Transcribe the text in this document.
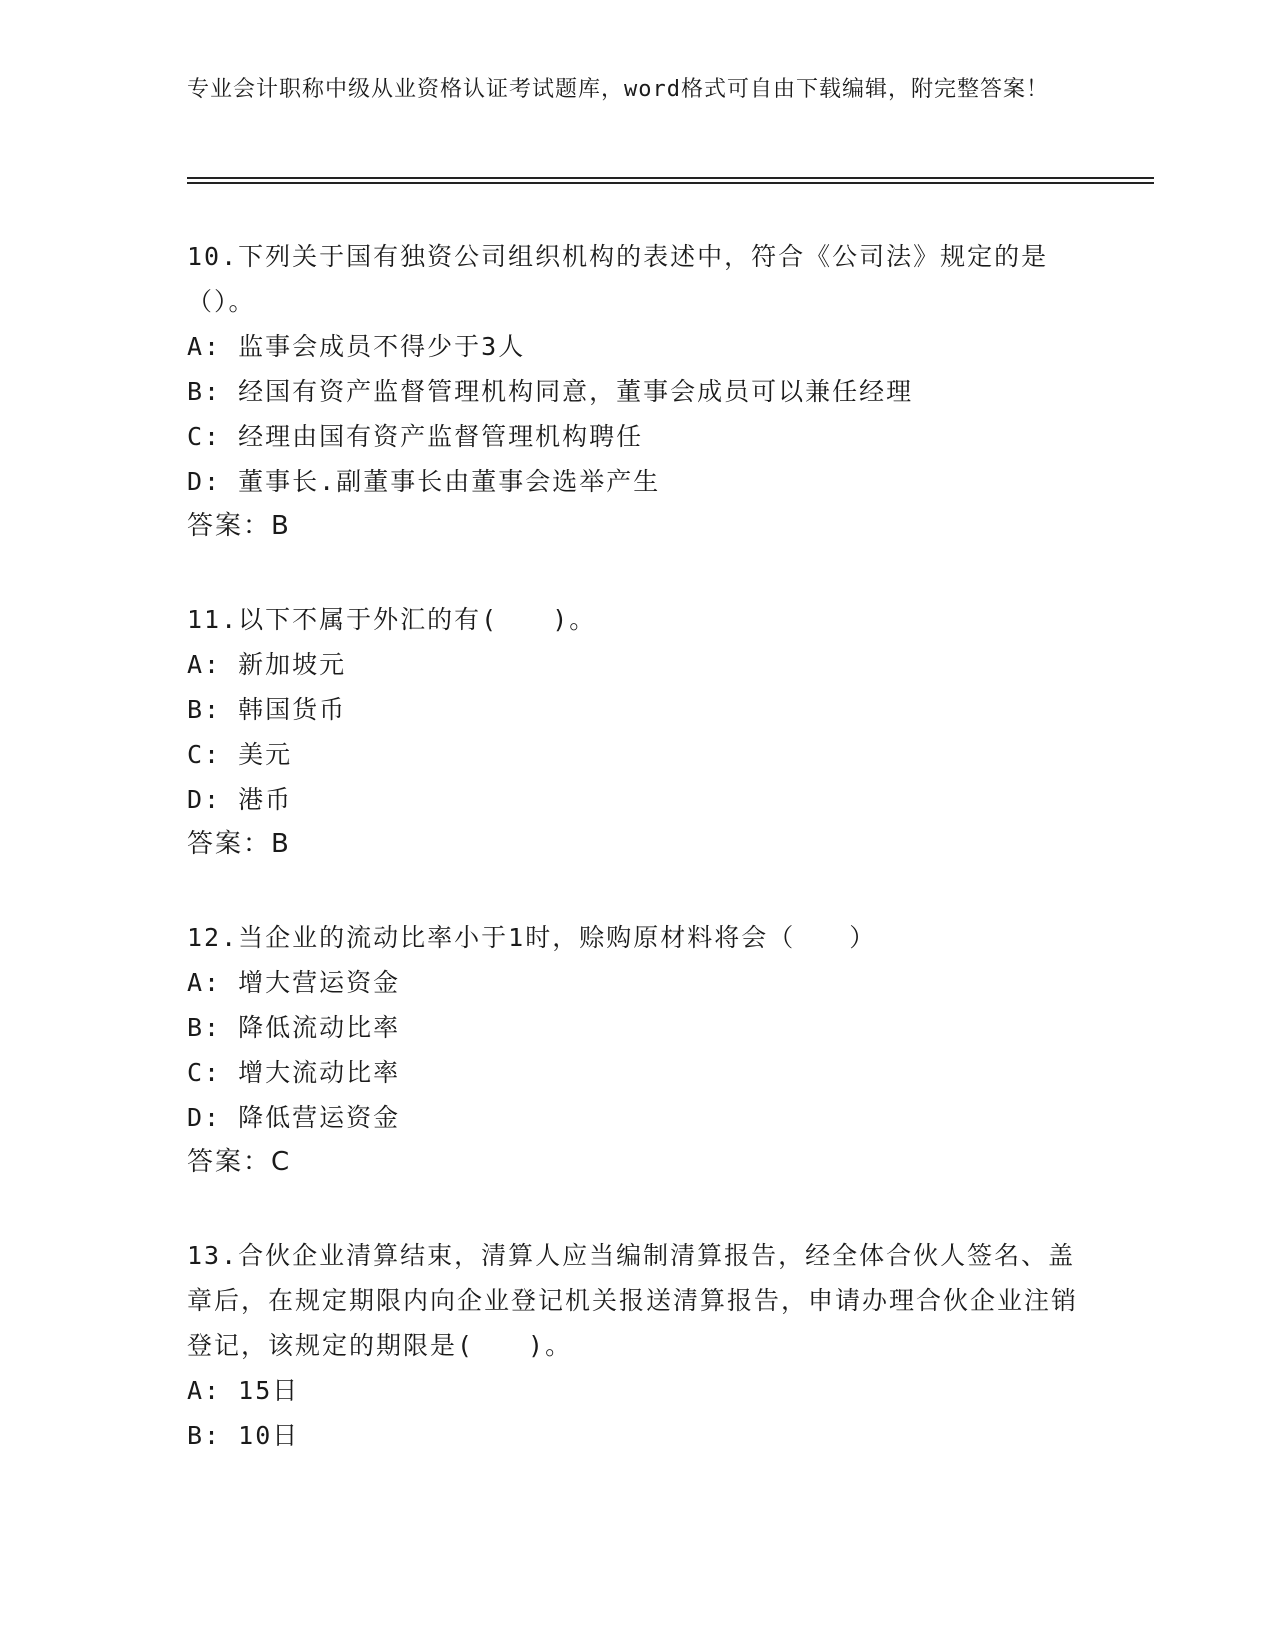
专业会计职称中级从业资格认证考试题库，word格式可自由下载编辑，附完整答案！

10.下列关于国有独资公司组织机构的表述中，符合《公司法》规定的是（）。

A: 监事会成员不得少于3人

B: 经国有资产监督管理机构同意，董事会成员可以兼任经理

C: 经理由国有资产监督管理机构聘任

D: 董事长.副董事长由董事会选举产生

答案：B

11.以下不属于外汇的有(　　)。

A: 新加坡元

B: 韩国货币

C: 美元

D: 港币

答案：B

12.当企业的流动比率小于1时，赊购原材料将会（　　）

A: 增大营运资金

B: 降低流动比率

C: 增大流动比率

D: 降低营运资金

答案：C

13.合伙企业清算结束，清算人应当编制清算报告，经全体合伙人签名、盖章后，在规定期限内向企业登记机关报送清算报告，申请办理合伙企业注销登记，该规定的期限是(　　)。

A: 15日

B: 10日
